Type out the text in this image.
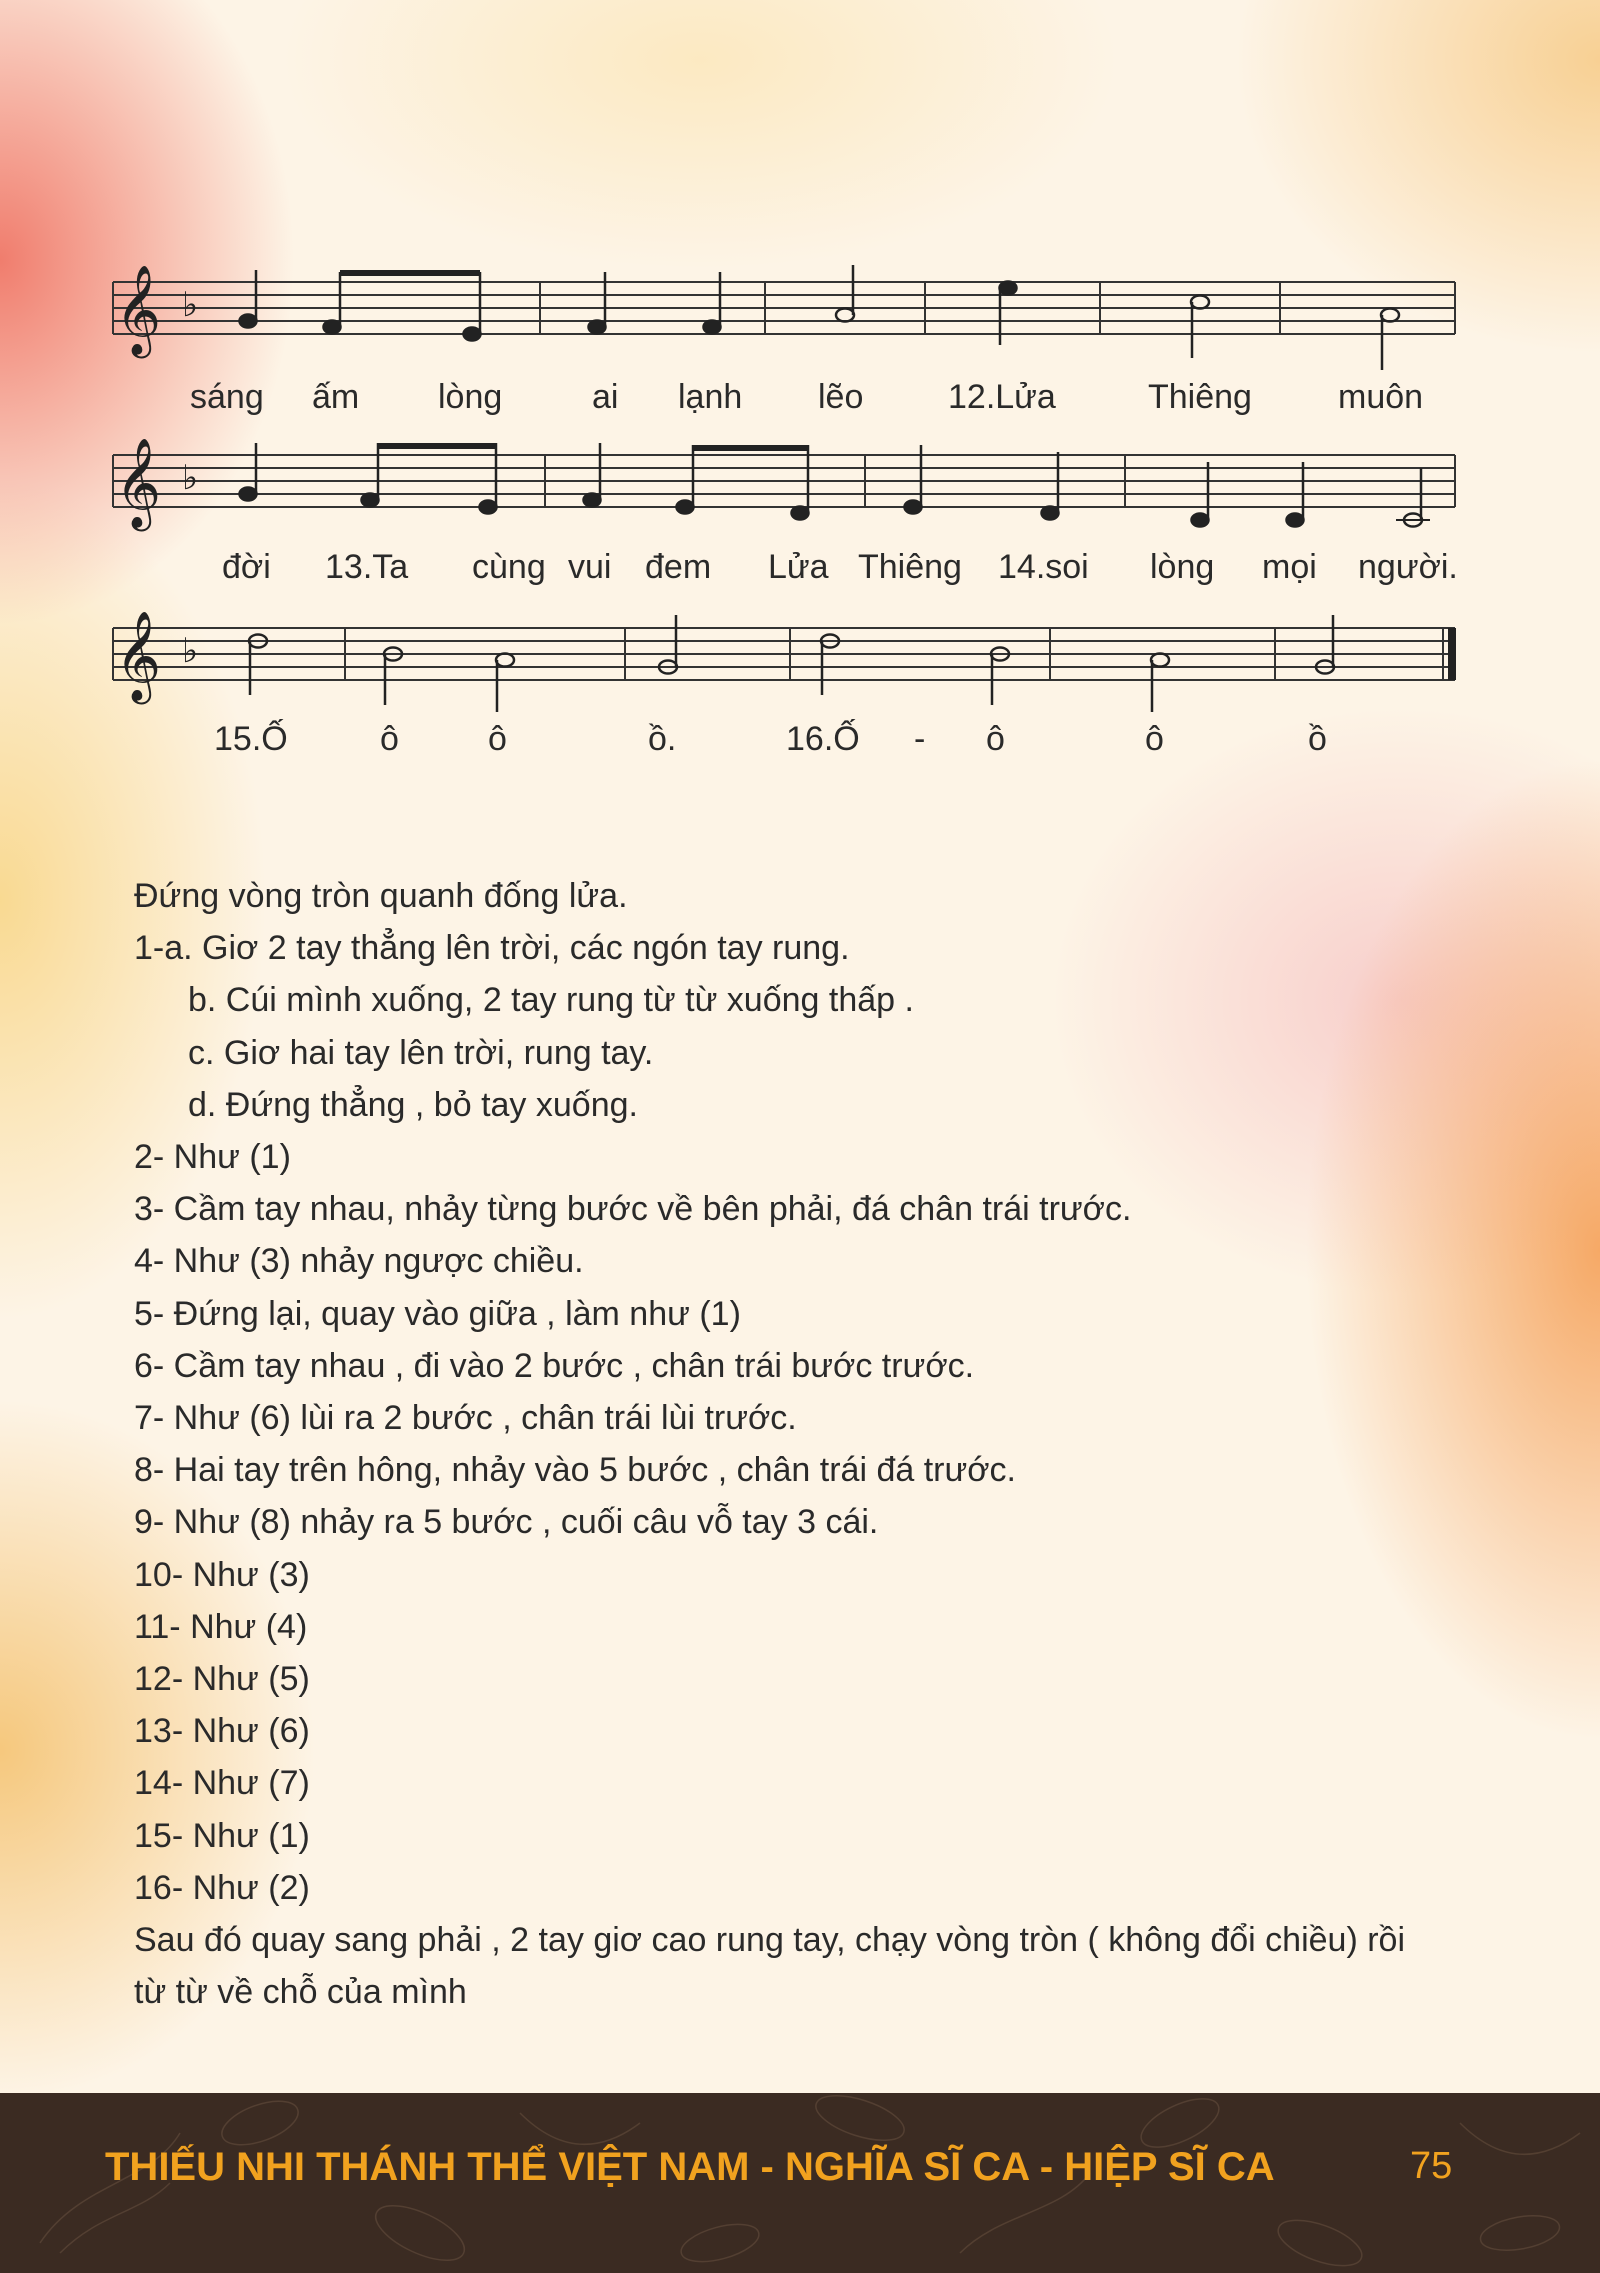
𝄞 ♭
𝄞 ♭
𝄞 ♭
sáng ấm lòng	ai lạnh lẽo 12.Lửa	Thiêng	muôn
đời 13.Ta cùng vui đem Lửa Thiêng 14.soi lòng mọi người.
15.Ố	ô	ô	ồ.	16.Ố - ô	ô	ồ
Đứng vòng tròn quanh đống lửa.
1-a. Giơ 2 tay thẳng lên trời, các ngón tay rung.
b. Cúi mình xuống, 2 tay rung từ từ xuống thấp .
c. Giơ hai tay lên trời, rung tay.
d. Đứng thẳng , bỏ tay xuống.
2- Như (1)
3- Cầm tay nhau, nhảy từng bước về bên phải, đá chân trái trước.
4- Như (3) nhảy ngược chiều.
5- Đứng lại, quay vào giữa , làm như (1)
6- Cầm tay nhau , đi vào 2 bước , chân trái bước trước.
7- Như (6) lùi ra 2 bước , chân trái lùi trước.
8- Hai tay trên hông, nhảy vào 5 bước , chân trái đá trước.
9- Như (8) nhảy ra 5 bước , cuối câu vỗ tay 3 cái.
10- Như (3)
11- Như (4)
12- Như (5)
13- Như (6)
14- Như (7)
15- Như (1)
16- Như (2)
Sau đó quay sang phải , 2 tay giơ cao rung tay, chạy vòng tròn ( không đổi chiều) rồi từ từ về chỗ của mình
THIẾU NHI THÁNH THỂ VIỆT NAM - NGHĨA SĨ CA - HIỆP SĨ CA	75
